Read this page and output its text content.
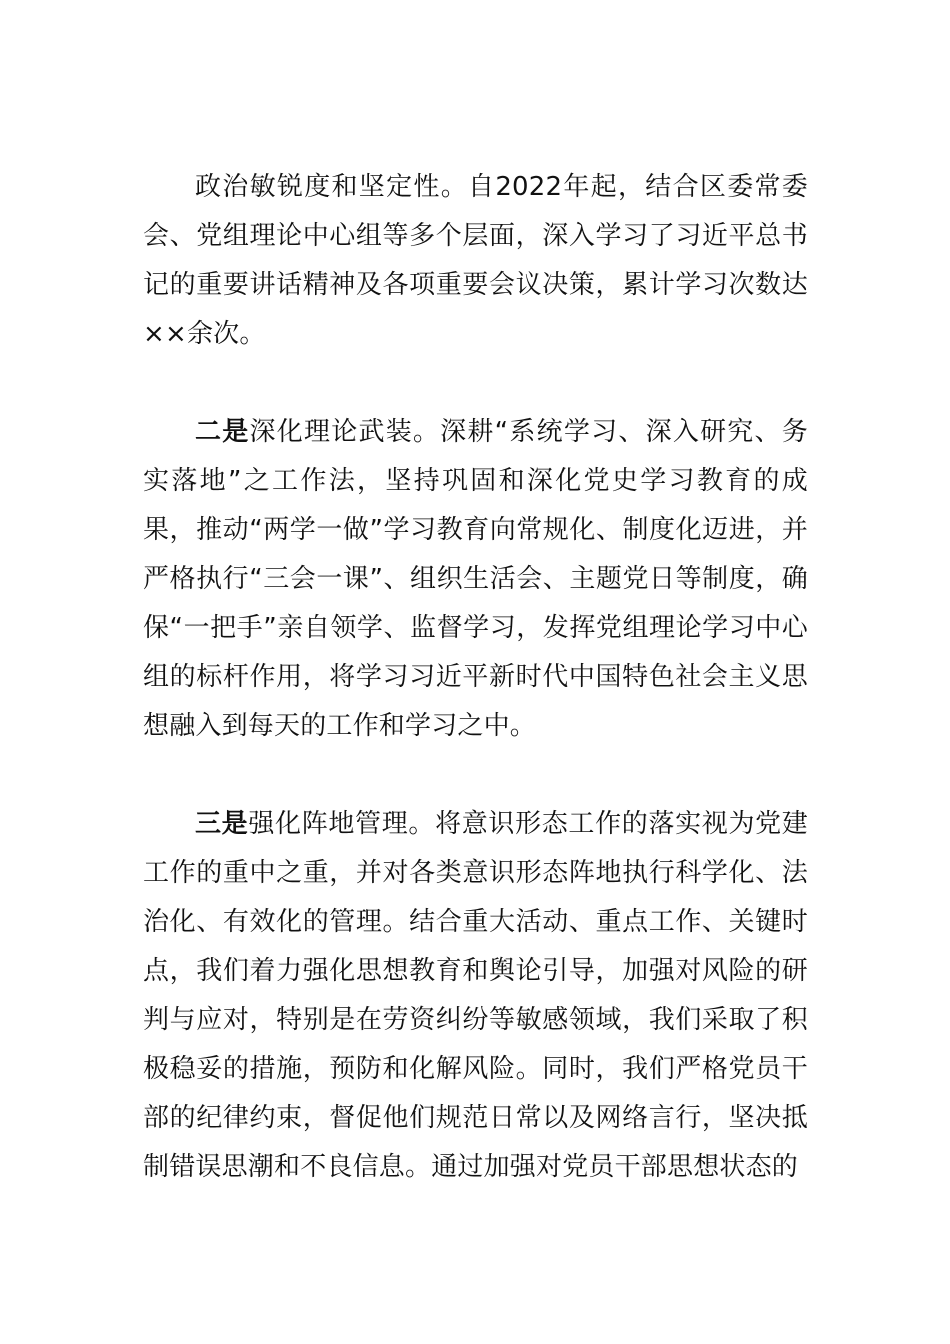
政治敏锐度和坚定性。自2022年起，结合区委常委会、党组理论中心组等多个层面，深入学习了习近平总书记的重要讲话精神及各项重要会议决策，累计学习次数达××余次。

二是深化理论武装。深耕“系统学习、深入研究、务实落地”之工作法，坚持巩固和深化党史学习教育的成果，推动“两学一做”学习教育向常规化、制度化迈进，并严格执行“三会一课”、组织生活会、主题党日等制度，确保“一把手”亲自领学、监督学习，发挥党组理论学习中心组的标杆作用，将学习习近平新时代中国特色社会主义思想融入到每天的工作和学习之中。

三是强化阵地管理。将意识形态工作的落实视为党建工作的重中之重，并对各类意识形态阵地执行科学化、法治化、有效化的管理。结合重大活动、重点工作、关键时点，我们着力强化思想教育和舆论引导，加强对风险的研判与应对，特别是在劳资纠纷等敏感领域，我们采取了积极稳妥的措施，预防和化解风险。同时，我们严格党员干部的纪律约束，督促他们规范日常以及网络言行，坚决抵制错误思潮和不良信息。通过加强对党员干部思想状态的
